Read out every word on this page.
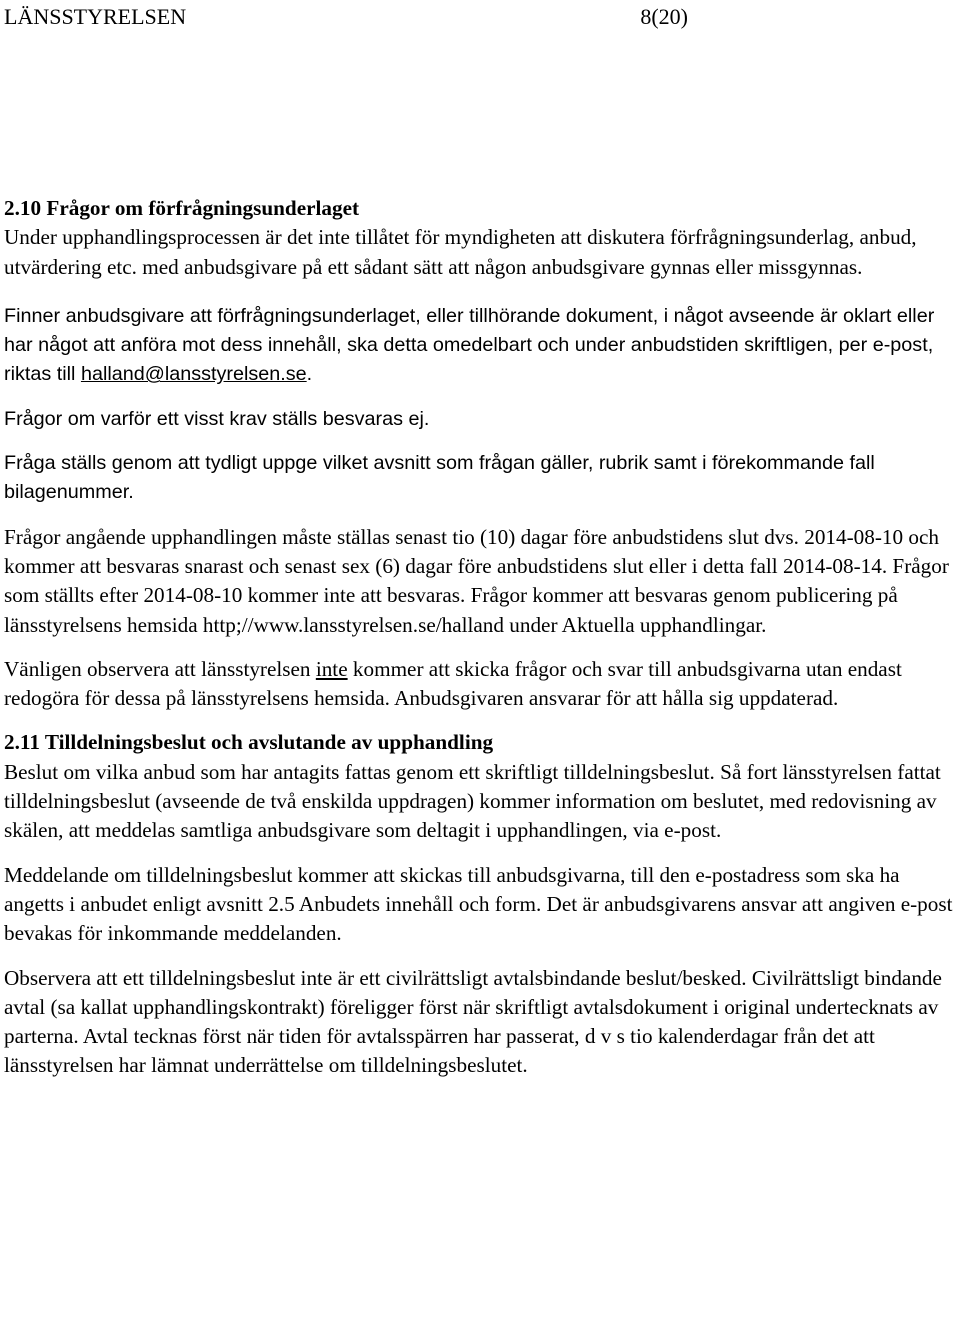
LÄNSSTYRELSEN	8(20)

2.10 Frågor om förfrågningsunderlaget

Under upphandlingsprocessen är det inte tillåtet för myndigheten att diskutera förfrågningsunderlag, anbud, utvärdering etc. med anbudsgivare på ett sådant sätt att någon anbudsgivare gynnas eller missgynnas.

Finner anbudsgivare att förfrågningsunderlaget, eller tillhörande dokument, i något avseende är oklart eller har något att anföra mot dess innehåll, ska detta omedelbart och under anbudstiden skriftligen, per e-post, riktas till halland@lansstyrelsen.se.

Frågor om varför ett visst krav ställs besvaras ej.

Fråga ställs genom att tydligt uppge vilket avsnitt som frågan gäller, rubrik samt i förekommande fall bilagenummer.

Frågor angående upphandlingen måste ställas senast tio (10) dagar före anbudstidens slut dvs. 2014-08-10 och kommer att besvaras snarast och senast sex (6) dagar före anbudstidens slut eller i detta fall 2014-08-14. Frågor som ställts efter 2014-08-10 kommer inte att besvaras. Frågor kommer att besvaras genom publicering på länsstyrelsens hemsida http;//www.lansstyrelsen.se/halland under Aktuella upphandlingar.

Vänligen observera att länsstyrelsen inte kommer att skicka frågor och svar till anbudsgivarna utan endast redogöra för dessa på länsstyrelsens hemsida. Anbudsgivaren ansvarar för att hålla sig uppdaterad.

2.11 Tilldelningsbeslut och avslutande av upphandling

Beslut om vilka anbud som har antagits fattas genom ett skriftligt tilldelningsbeslut. Så fort länsstyrelsen fattat tilldelningsbeslut (avseende de två enskilda uppdragen) kommer information om beslutet, med redovisning av skälen, att meddelas samtliga anbudsgivare som deltagit i upphandlingen, via e-post.

Meddelande om tilldelningsbeslut kommer att skickas till anbudsgivarna, till den e-postadress som ska ha angetts i anbudet enligt avsnitt 2.5 Anbudets innehåll och form. Det är anbudsgivarens ansvar att angiven e-post bevakas för inkommande meddelanden.

Observera att ett tilldelningsbeslut inte är ett civilrättsligt avtalsbindande beslut/besked. Civilrättsligt bindande avtal (sa kallat upphandlingskontrakt) föreligger först när skriftligt avtalsdokument i original undertecknats av parterna. Avtal tecknas först när tiden för avtalsspärren har passerat, d v s tio kalenderdagar från det att länsstyrelsen har lämnat underrättelse om tilldelningsbeslutet.
